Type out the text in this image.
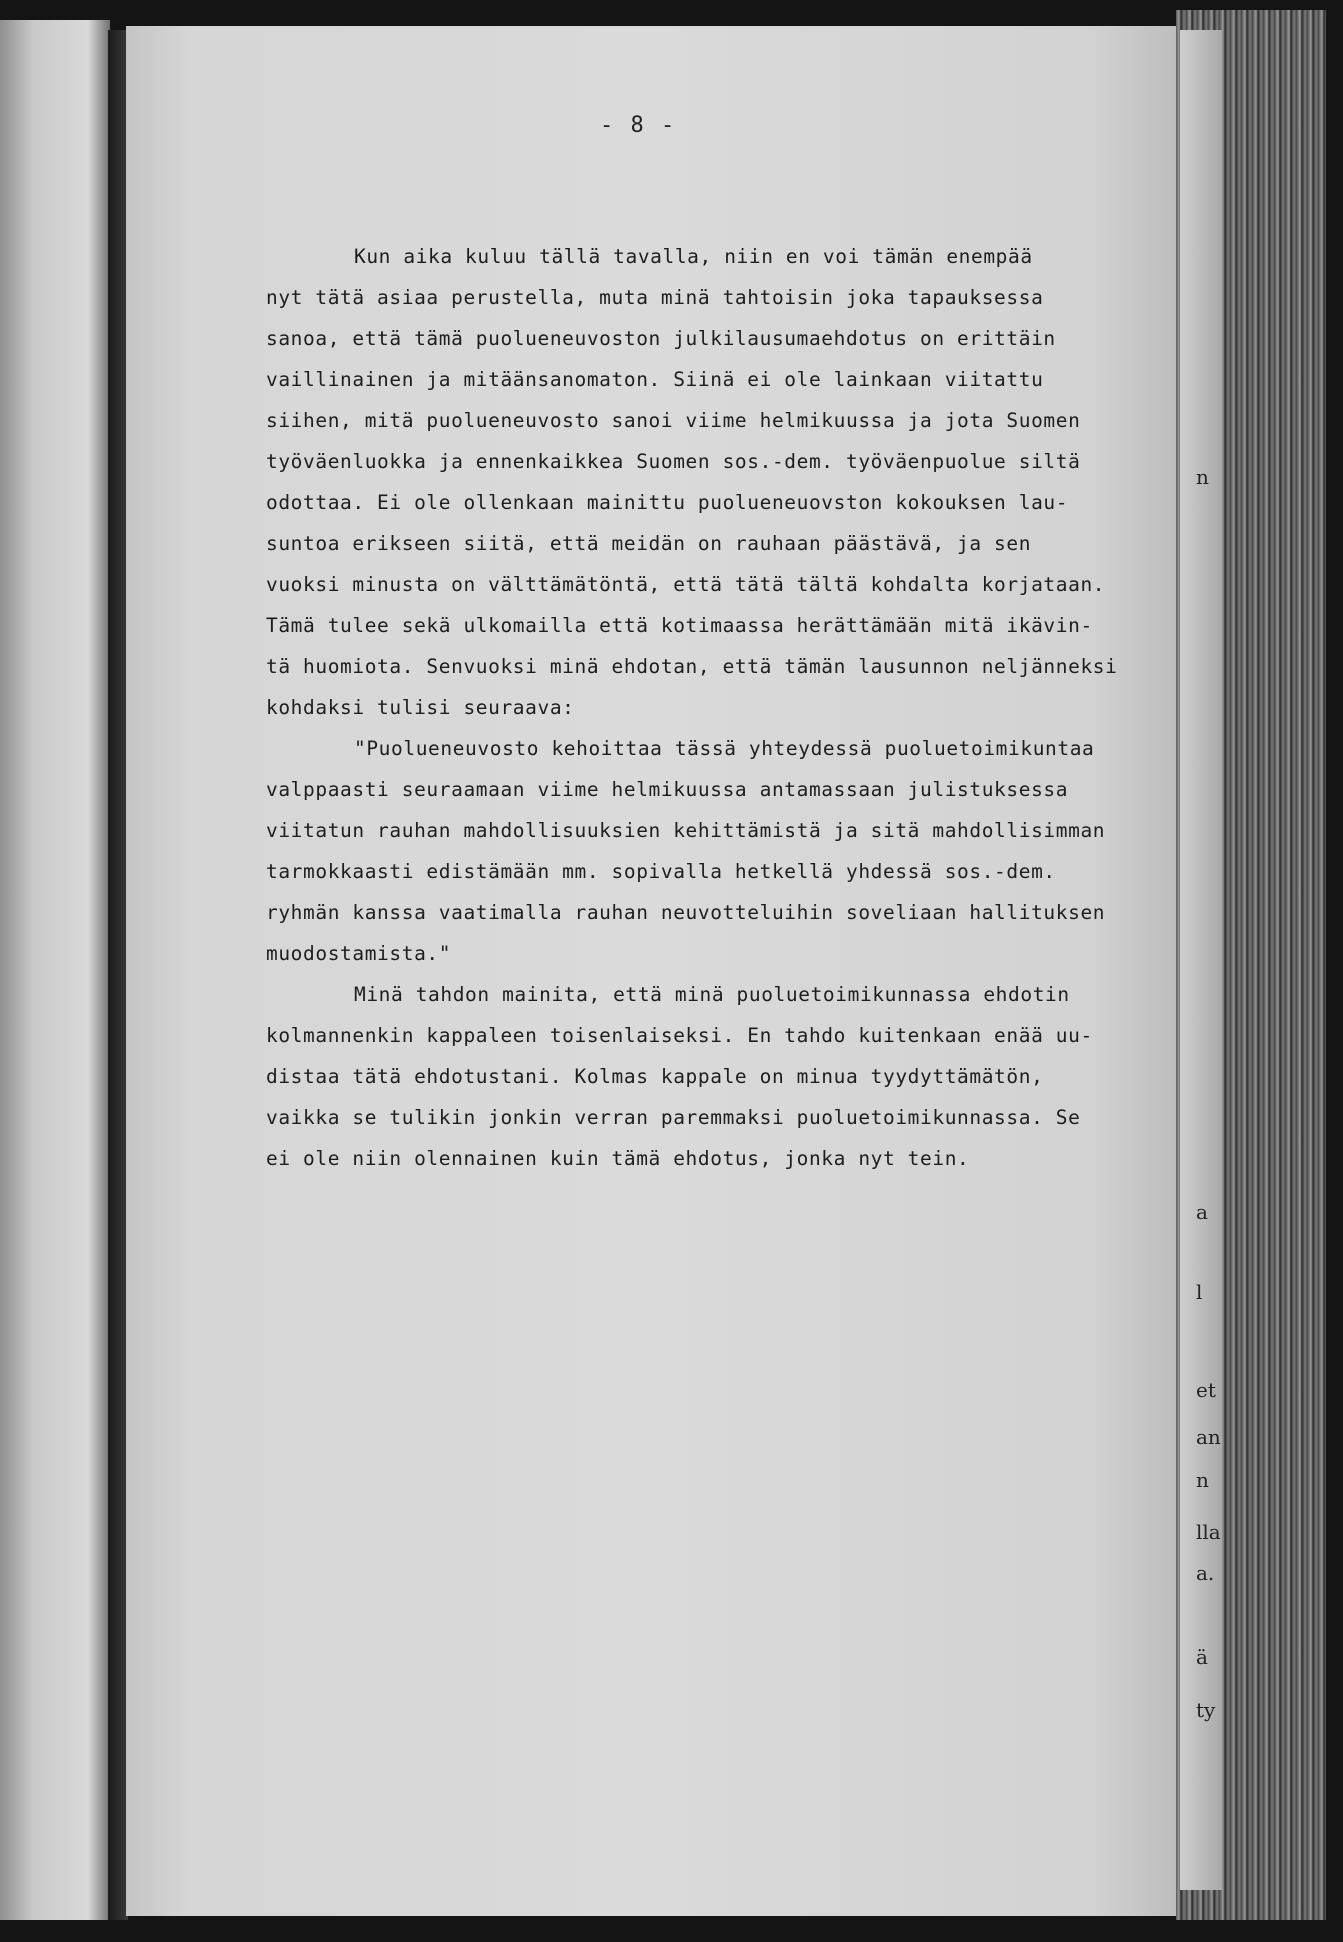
- 8 -
Kun aika kuluu tällä tavalla, niin en voi tämän enempää
nyt tätä asiaa perustella, muta minä tahtoisin joka tapauksessa
sanoa, että tämä puolueneuvoston julkilausumaehdotus on erittäin
vaillinainen ja mitäänsanomaton. Siinä ei ole lainkaan viitattu
siihen, mitä puolueneuvosto sanoi viime helmikuussa ja jota Suomen
työväenluokka ja ennenkaikkea Suomen sos.-dem. työväenpuolue siltä
odottaa. Ei ole ollenkaan mainittu puolueneuovston kokouksen lau-
suntoa erikseen siitä, että meidän on rauhaan päästävä, ja sen
vuoksi minusta on välttämätöntä, että tätä tältä kohdalta korjataan.
Tämä tulee sekä ulkomailla että kotimaassa herättämään mitä ikävin-
tä huomiota. Senvuoksi minä ehdotan, että tämän lausunnon neljänneksi
kohdaksi tulisi seuraava:
"Puolueneuvosto kehoittaa tässä yhteydessä puoluetoimikuntaa
valppaasti seuraamaan viime helmikuussa antamassaan julistuksessa
viitatun rauhan mahdollisuuksien kehittämistä ja sitä mahdollisimman
tarmokkaasti edistämään mm. sopivalla hetkellä yhdessä sos.-dem.
ryhmän kanssa vaatimalla rauhan neuvotteluihin soveliaan hallituksen
muodostamista."
Minä tahdon mainita, että minä puoluetoimikunnassa ehdotin
kolmannenkin kappaleen toisenlaiseksi. En tahdo kuitenkaan enää uu-
distaa tätä ehdotustani. Kolmas kappale on minua tyydyttämätön,
vaikka se tulikin jonkin verran paremmaksi puoluetoimikunnassa. Se
ei ole niin olennainen kuin tämä ehdotus, jonka nyt tein.
n
a
l
et
an
n
lla
a.
ä
ty
